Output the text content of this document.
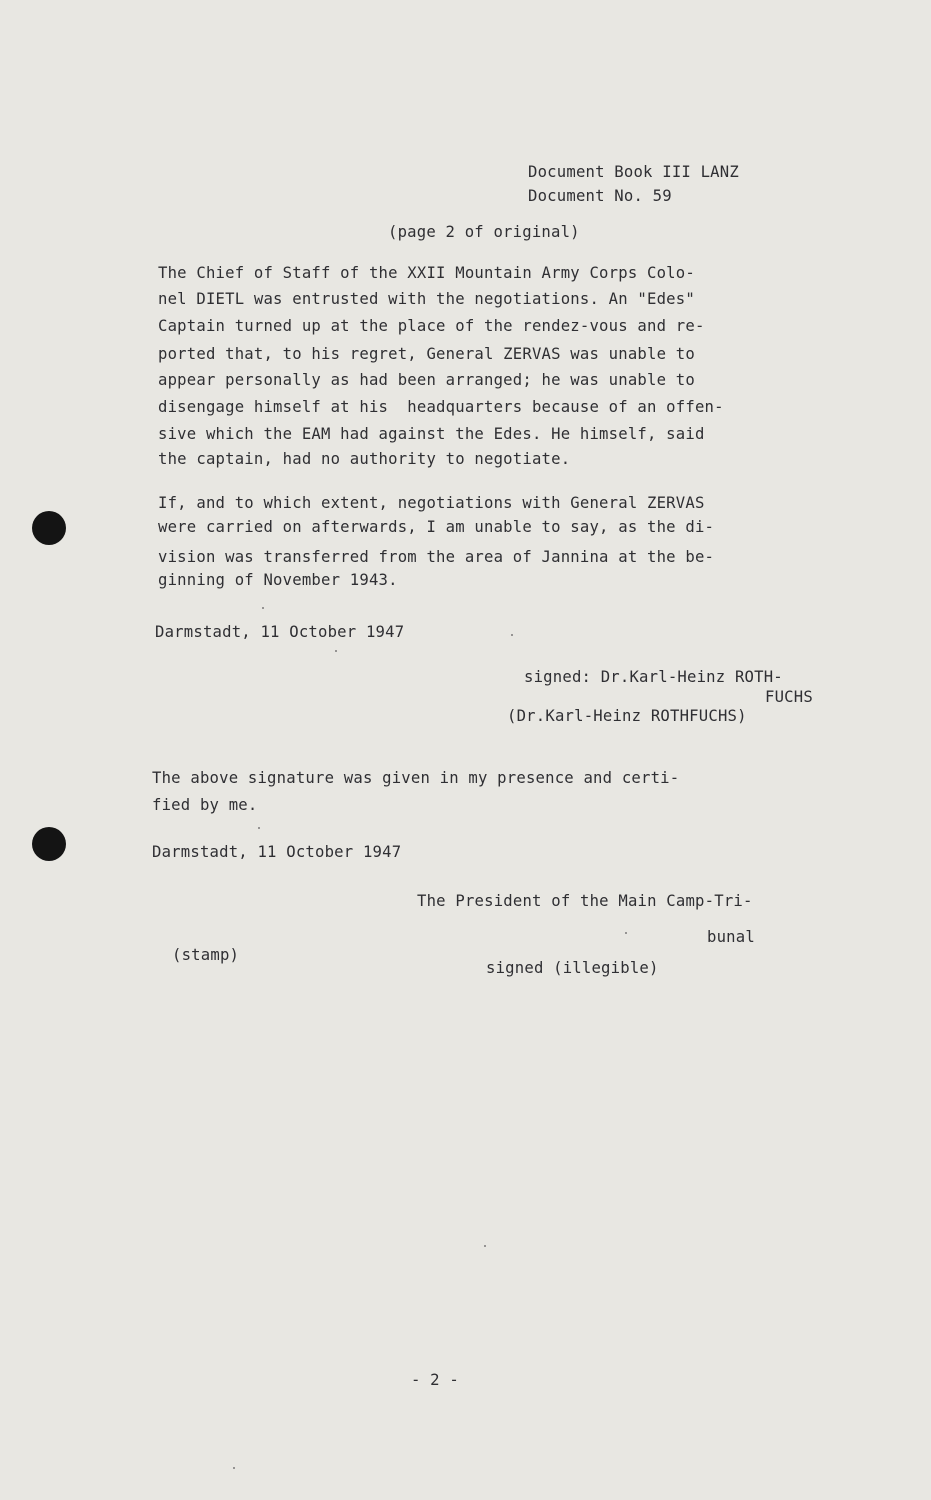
Document Book III LANZ
Document No. 59
(page 2 of original)
The Chief of Staff of the XXII Mountain Army Corps Colo-
nel DIETL was entrusted with the negotiations. An "Edes"
Captain turned up at the place of the rendez-vous and re-
ported that, to his regret, General ZERVAS was unable to
appear personally as had been arranged; he was unable to
disengage himself at his  headquarters because of an offen-
sive which the EAM had against the Edes. He himself, said
the captain, had no authority to negotiate.
If, and to which extent, negotiations with General ZERVAS
were carried on afterwards, I am unable to say, as the di-
vision was transferred from the area of Jannina at the be-
ginning of November 1943.
Darmstadt, 11 October 1947
signed: Dr.Karl-Heinz ROTH-
FUCHS
(Dr.Karl-Heinz ROTHFUCHS)
The above signature was given in my presence and certi-
fied by me.
Darmstadt, 11 October 1947
The President of the Main Camp-Tri-
bunal
(stamp)
signed (illegible)
- 2 -
